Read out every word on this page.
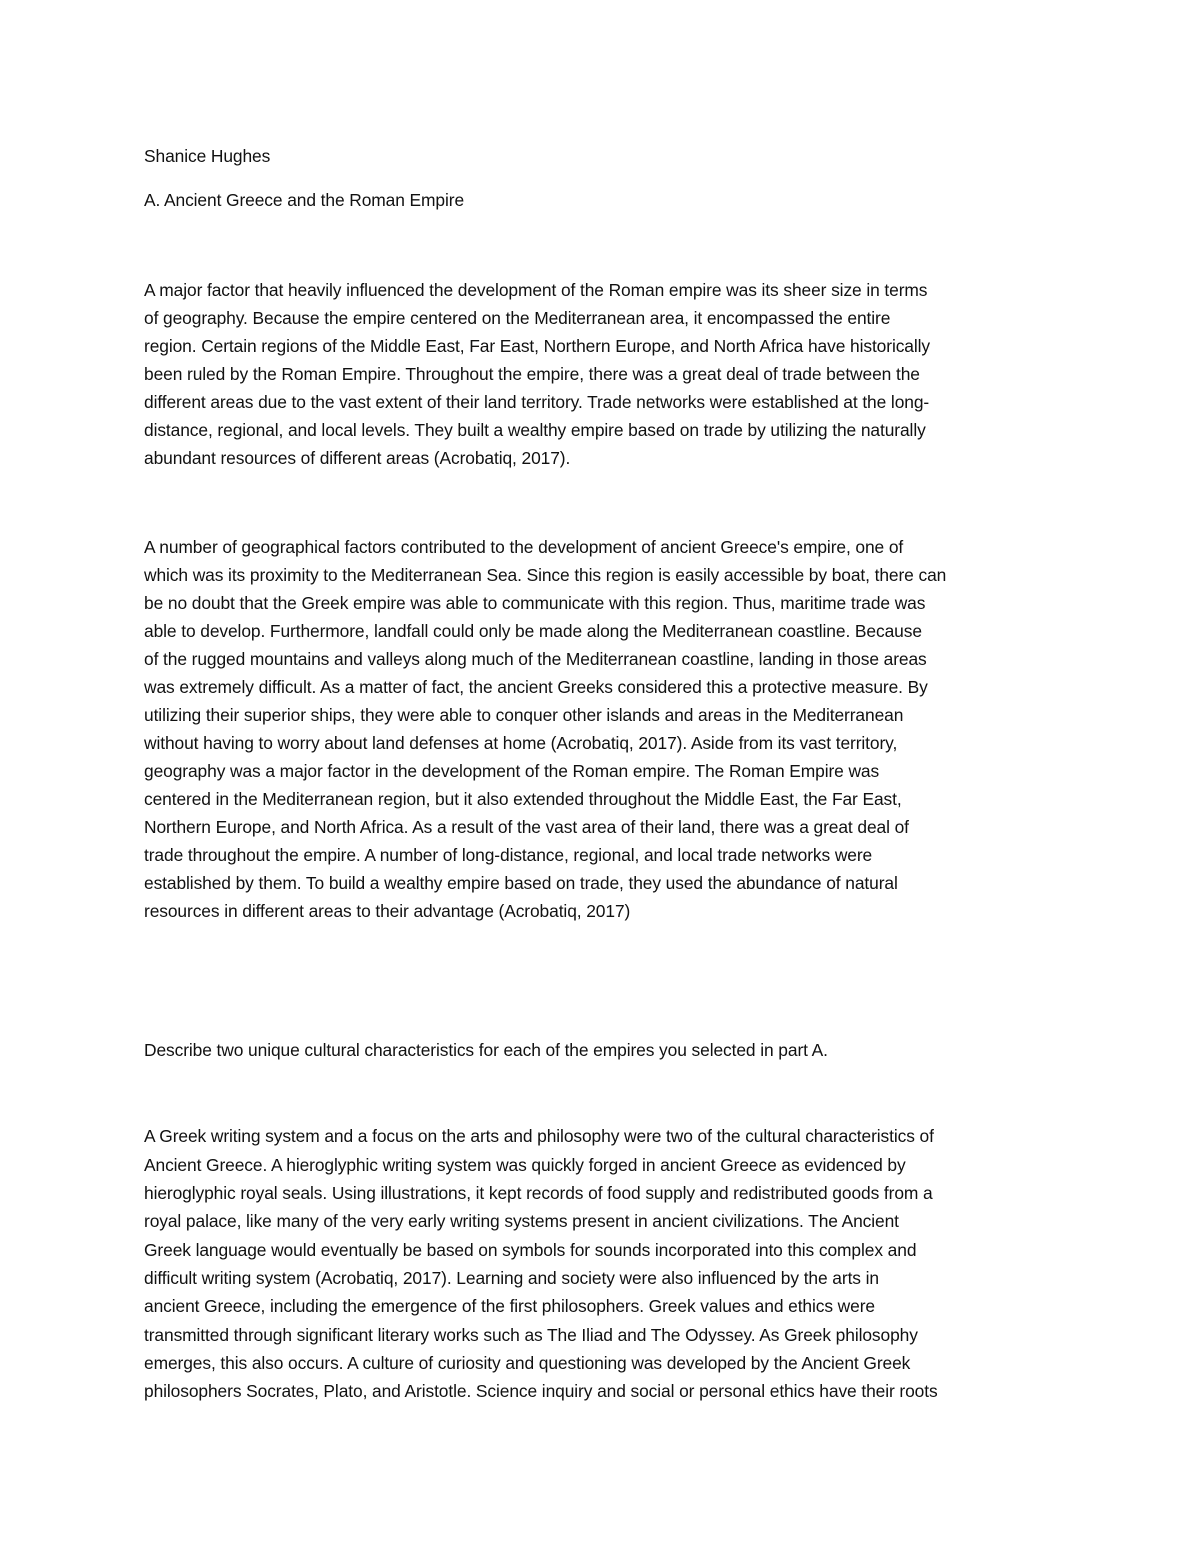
Shanice Hughes
A. Ancient Greece and the Roman Empire
A major factor that heavily influenced the development of the Roman empire was its sheer size in terms
of geography. Because the empire centered on the Mediterranean area, it encompassed the entire
region. Certain regions of the Middle East, Far East, Northern Europe, and North Africa have historically
been ruled by the Roman Empire. Throughout the empire, there was a great deal of trade between the
different areas due to the vast extent of their land territory. Trade networks were established at the long-
distance, regional, and local levels. They built a wealthy empire based on trade by utilizing the naturally
abundant resources of different areas (Acrobatiq, 2017).
A number of geographical factors contributed to the development of ancient Greece's empire, one of
which was its proximity to the Mediterranean Sea. Since this region is easily accessible by boat, there can
be no doubt that the Greek empire was able to communicate with this region. Thus, maritime trade was
able to develop. Furthermore, landfall could only be made along the Mediterranean coastline. Because
of the rugged mountains and valleys along much of the Mediterranean coastline, landing in those areas
was extremely difficult. As a matter of fact, the ancient Greeks considered this a protective measure. By
utilizing their superior ships, they were able to conquer other islands and areas in the Mediterranean
without having to worry about land defenses at home (Acrobatiq, 2017). Aside from its vast territory,
geography was a major factor in the development of the Roman empire. The Roman Empire was
centered in the Mediterranean region, but it also extended throughout the Middle East, the Far East,
Northern Europe, and North Africa. As a result of the vast area of their land, there was a great deal of
trade throughout the empire. A number of long-distance, regional, and local trade networks were
established by them. To build a wealthy empire based on trade, they used the abundance of natural
resources in different areas to their advantage (Acrobatiq, 2017)
Describe two unique cultural characteristics for each of the empires you selected in part A.
A Greek writing system and a focus on the arts and philosophy were two of the cultural characteristics of
Ancient Greece. A hieroglyphic writing system was quickly forged in ancient Greece as evidenced by
hieroglyphic royal seals. Using illustrations, it kept records of food supply and redistributed goods from a
royal palace, like many of the very early writing systems present in ancient civilizations. The Ancient
Greek language would eventually be based on symbols for sounds incorporated into this complex and
difficult writing system (Acrobatiq, 2017). Learning and society were also influenced by the arts in
ancient Greece, including the emergence of the first philosophers. Greek values and ethics were
transmitted through significant literary works such as The Iliad and The Odyssey. As Greek philosophy
emerges, this also occurs. A culture of curiosity and questioning was developed by the Ancient Greek
philosophers Socrates, Plato, and Aristotle. Science inquiry and social or personal ethics have their roots
